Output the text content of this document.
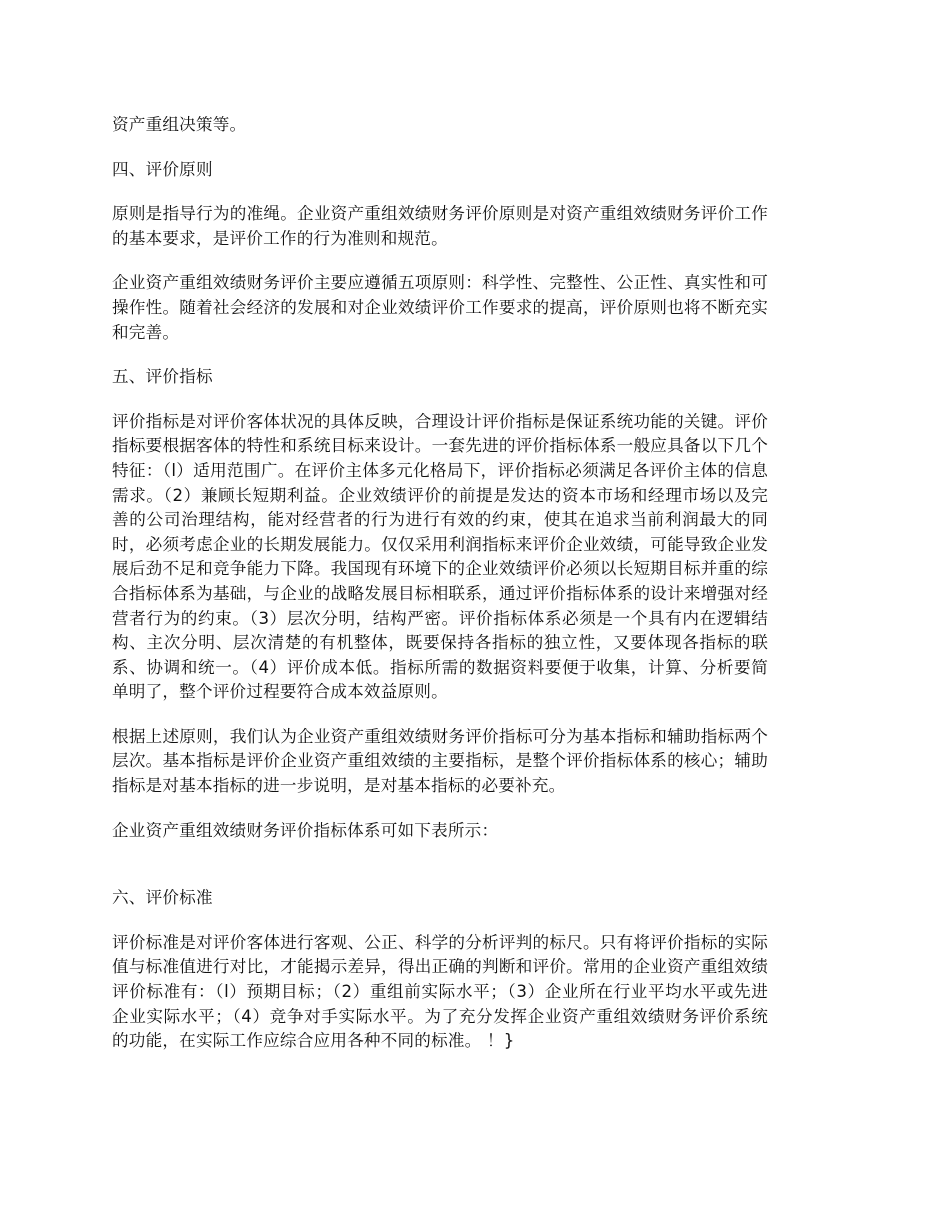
资产重组决策等。

四、评价原则

原则是指导行为的准绳。企业资产重组效绩财务评价原则是对资产重组效绩财务评价工作的基本要求，是评价工作的行为准则和规范。

企业资产重组效绩财务评价主要应遵循五项原则：科学性、完整性、公正性、真实性和可操作性。随着社会经济的发展和对企业效绩评价工作要求的提高，评价原则也将不断充实和完善。

五、评价指标

评价指标是对评价客体状况的具体反映，合理设计评价指标是保证系统功能的关键。评价指标要根据客体的特性和系统目标来设计。一套先进的评价指标体系一般应具备以下几个特征：（l）适用范围广。在评价主体多元化格局下，评价指标必须满足各评价主体的信息需求。（2）兼顾长短期利益。企业效绩评价的前提是发达的资本市场和经理市场以及完善的公司治理结构，能对经营者的行为进行有效的约束，使其在追求当前利润最大的同时，必须考虑企业的长期发展能力。仅仅采用利润指标来评价企业效绩，可能导致企业发展后劲不足和竞争能力下降。我国现有环境下的企业效绩评价必须以长短期目标并重的综合指标体系为基础，与企业的战略发展目标相联系，通过评价指标体系的设计来增强对经营者行为的约束。（3）层次分明，结构严密。评价指标体系必须是一个具有内在逻辑结构、主次分明、层次清楚的有机整体，既要保持各指标的独立性，又要体现各指标的联系、协调和统一。（4）评价成本低。指标所需的数据资料要便于收集，计算、分析要简单明了，整个评价过程要符合成本效益原则。

根据上述原则，我们认为企业资产重组效绩财务评价指标可分为基本指标和辅助指标两个层次。基本指标是评价企业资产重组效绩的主要指标，是整个评价指标体系的核心；辅助指标是对基本指标的进一步说明，是对基本指标的必要补充。

企业资产重组效绩财务评价指标体系可如下表所示：

六、评价标准

评价标准是对评价客体进行客观、公正、科学的分析评判的标尺。只有将评价指标的实际值与标准值进行对比，才能揭示差异，得出正确的判断和评价。常用的企业资产重组效绩评价标准有：（l）预期目标；（2）重组前实际水平；（3）企业所在行业平均水平或先进企业实际水平；（4）竞争对手实际水平。为了充分发挥企业资产重组效绩财务评价系统的功能，在实际工作应综合应用各种不同的标准。 ！}
